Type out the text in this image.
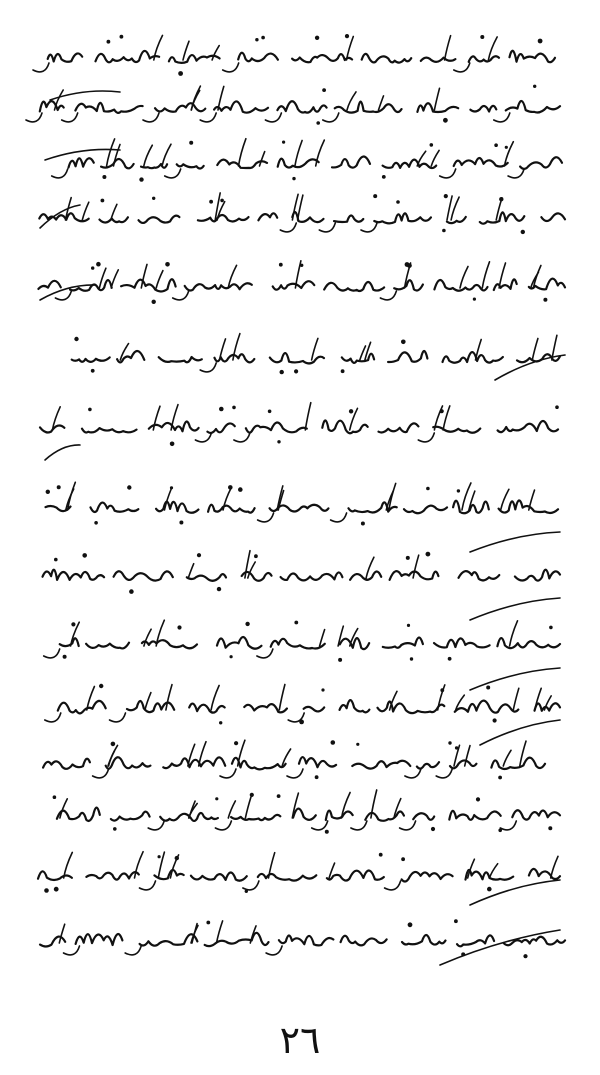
٢٦
